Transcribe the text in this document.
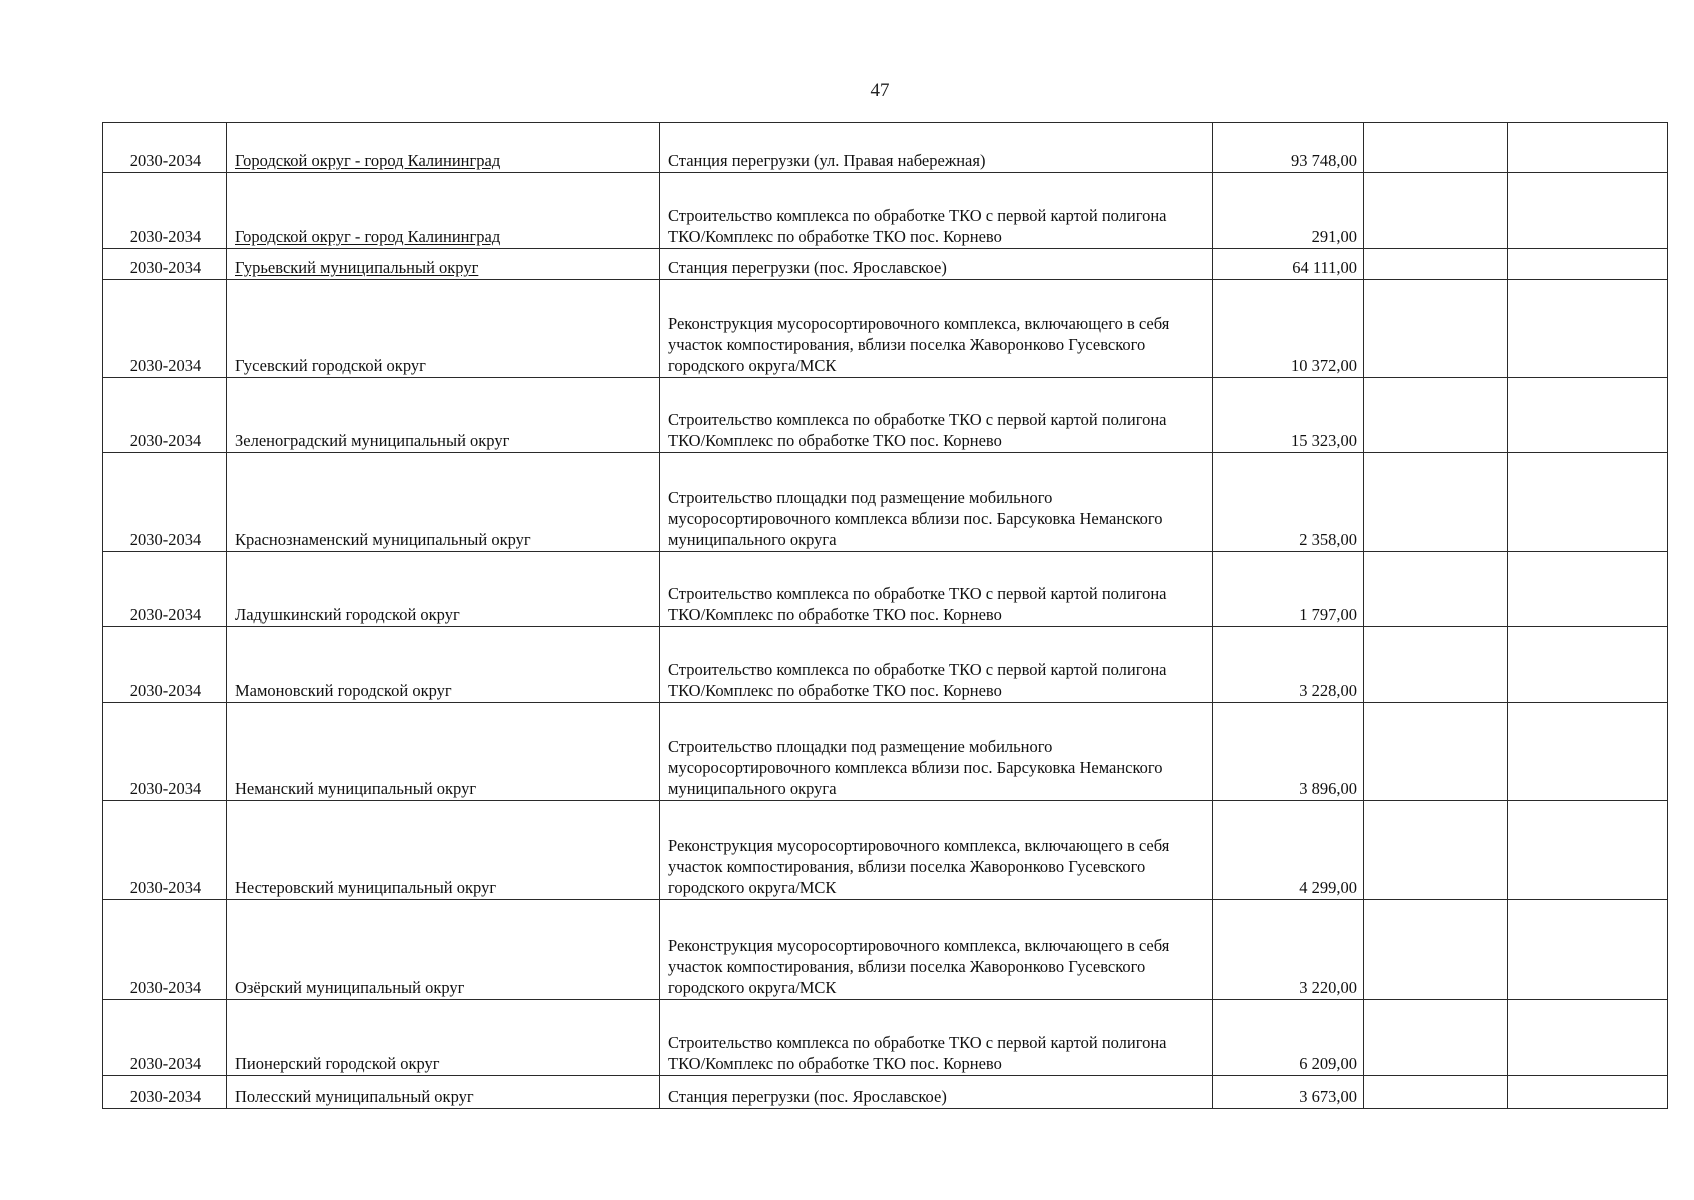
47
2030-2034	Городской округ - город Калининград	Станция перегрузки (ул. Правая набережная)	93 748,00		
2030-2034	Городской округ - город Калининград	Строительство комплекса по обработке ТКО с первой картой полигона ТКО/Комплекс по обработке ТКО пос. Корнево	291,00		
2030-2034	Гурьевский муниципальный округ	Станция перегрузки (пос. Ярославское)	64 111,00		
2030-2034	Гусевский городской округ	Реконструкция мусоросортировочного комплекса, включающего в себя участок компостирования, вблизи поселка Жаворонково Гусевского городского округа/МСК	10 372,00		
2030-2034	Зеленоградский муниципальный округ	Строительство комплекса по обработке ТКО с первой картой полигона ТКО/Комплекс по обработке ТКО пос. Корнево	15 323,00		
2030-2034	Краснознаменский муниципальный округ	Строительство площадки под размещение мобильного мусоросортировочного комплекса вблизи пос. Барсуковка Неманского муниципального округа	2 358,00		
2030-2034	Ладушкинский городской округ	Строительство комплекса по обработке ТКО с первой картой полигона ТКО/Комплекс по обработке ТКО пос. Корнево	1 797,00		
2030-2034	Мамоновский городской округ	Строительство комплекса по обработке ТКО с первой картой полигона ТКО/Комплекс по обработке ТКО пос. Корнево	3 228,00		
2030-2034	Неманский муниципальный округ	Строительство площадки под размещение мобильного мусоросортировочного комплекса вблизи пос. Барсуковка Неманского муниципального округа	3 896,00		
2030-2034	Нестеровский муниципальный округ	Реконструкция мусоросортировочного комплекса, включающего в себя участок компостирования, вблизи поселка Жаворонково Гусевского городского округа/МСК	4 299,00		
2030-2034	Озёрский муниципальный округ	Реконструкция мусоросортировочного комплекса, включающего в себя участок компостирования, вблизи поселка Жаворонково Гусевского городского округа/МСК	3 220,00		
2030-2034	Пионерский городской округ	Строительство комплекса по обработке ТКО с первой картой полигона ТКО/Комплекс по обработке ТКО пос. Корнево	6 209,00		
2030-2034	Полесский муниципальный округ	Станция перегрузки (пос. Ярославское)	3 673,00		
